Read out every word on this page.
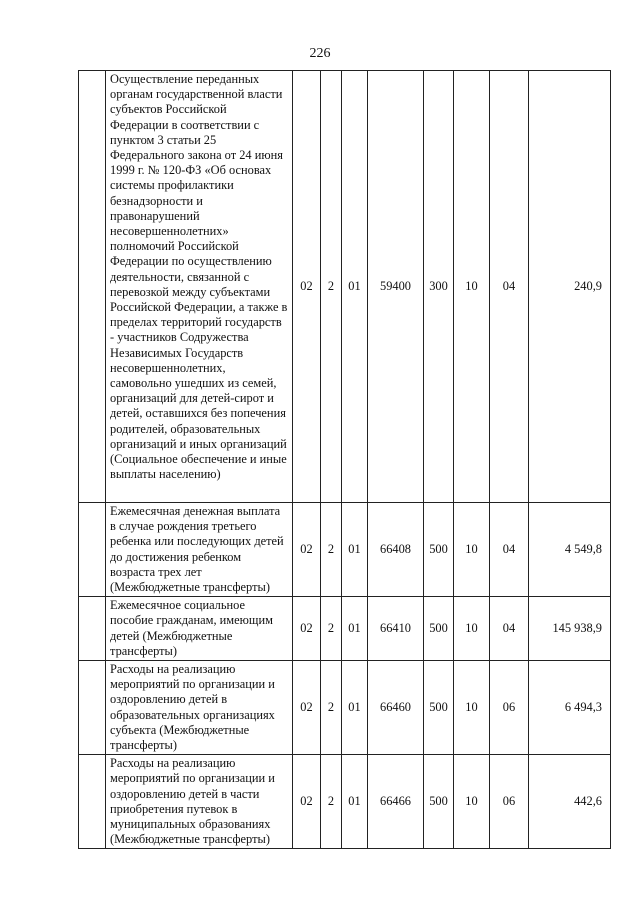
226
	Осуществление переданных органам государственной власти субъектов Российской Федерации в соответствии с пунктом 3 статьи 25 Федерального закона от 24 июня 1999 г. № 120-ФЗ «Об основах системы профилактики безнадзорности и правонарушений несовершеннолетних» полномочий Российской Федерации по осуществлению деятельности, связанной с перевозкой между субъектами Российской Федерации, а также в пределах территорий государств - участников Содружества Независимых Государств несовершеннолетних, самовольно ушедших из семей, организаций для детей-сирот и детей, оставшихся без попечения родителей, образовательных организаций и иных организаций (Социальное обеспечение и иные выплаты населению)	02	2	01	59400	300	10	04	240,9
	Ежемесячная денежная выплата в случае рождения третьего ребенка или последующих детей до достижения ребенком возраста трех лет (Межбюджетные трансферты)	02	2	01	66408	500	10	04	4 549,8
	Ежемесячное социальное пособие гражданам, имеющим детей (Межбюджетные трансферты)	02	2	01	66410	500	10	04	145 938,9
	Расходы на реализацию мероприятий по организации и оздоровлению детей в образовательных организациях субъекта (Межбюджетные трансферты)	02	2	01	66460	500	10	06	6 494,3
	Расходы на реализацию мероприятий по организации и оздоровлению детей в части приобретения путевок в муниципальных образованиях (Межбюджетные трансферты)	02	2	01	66466	500	10	06	442,6
